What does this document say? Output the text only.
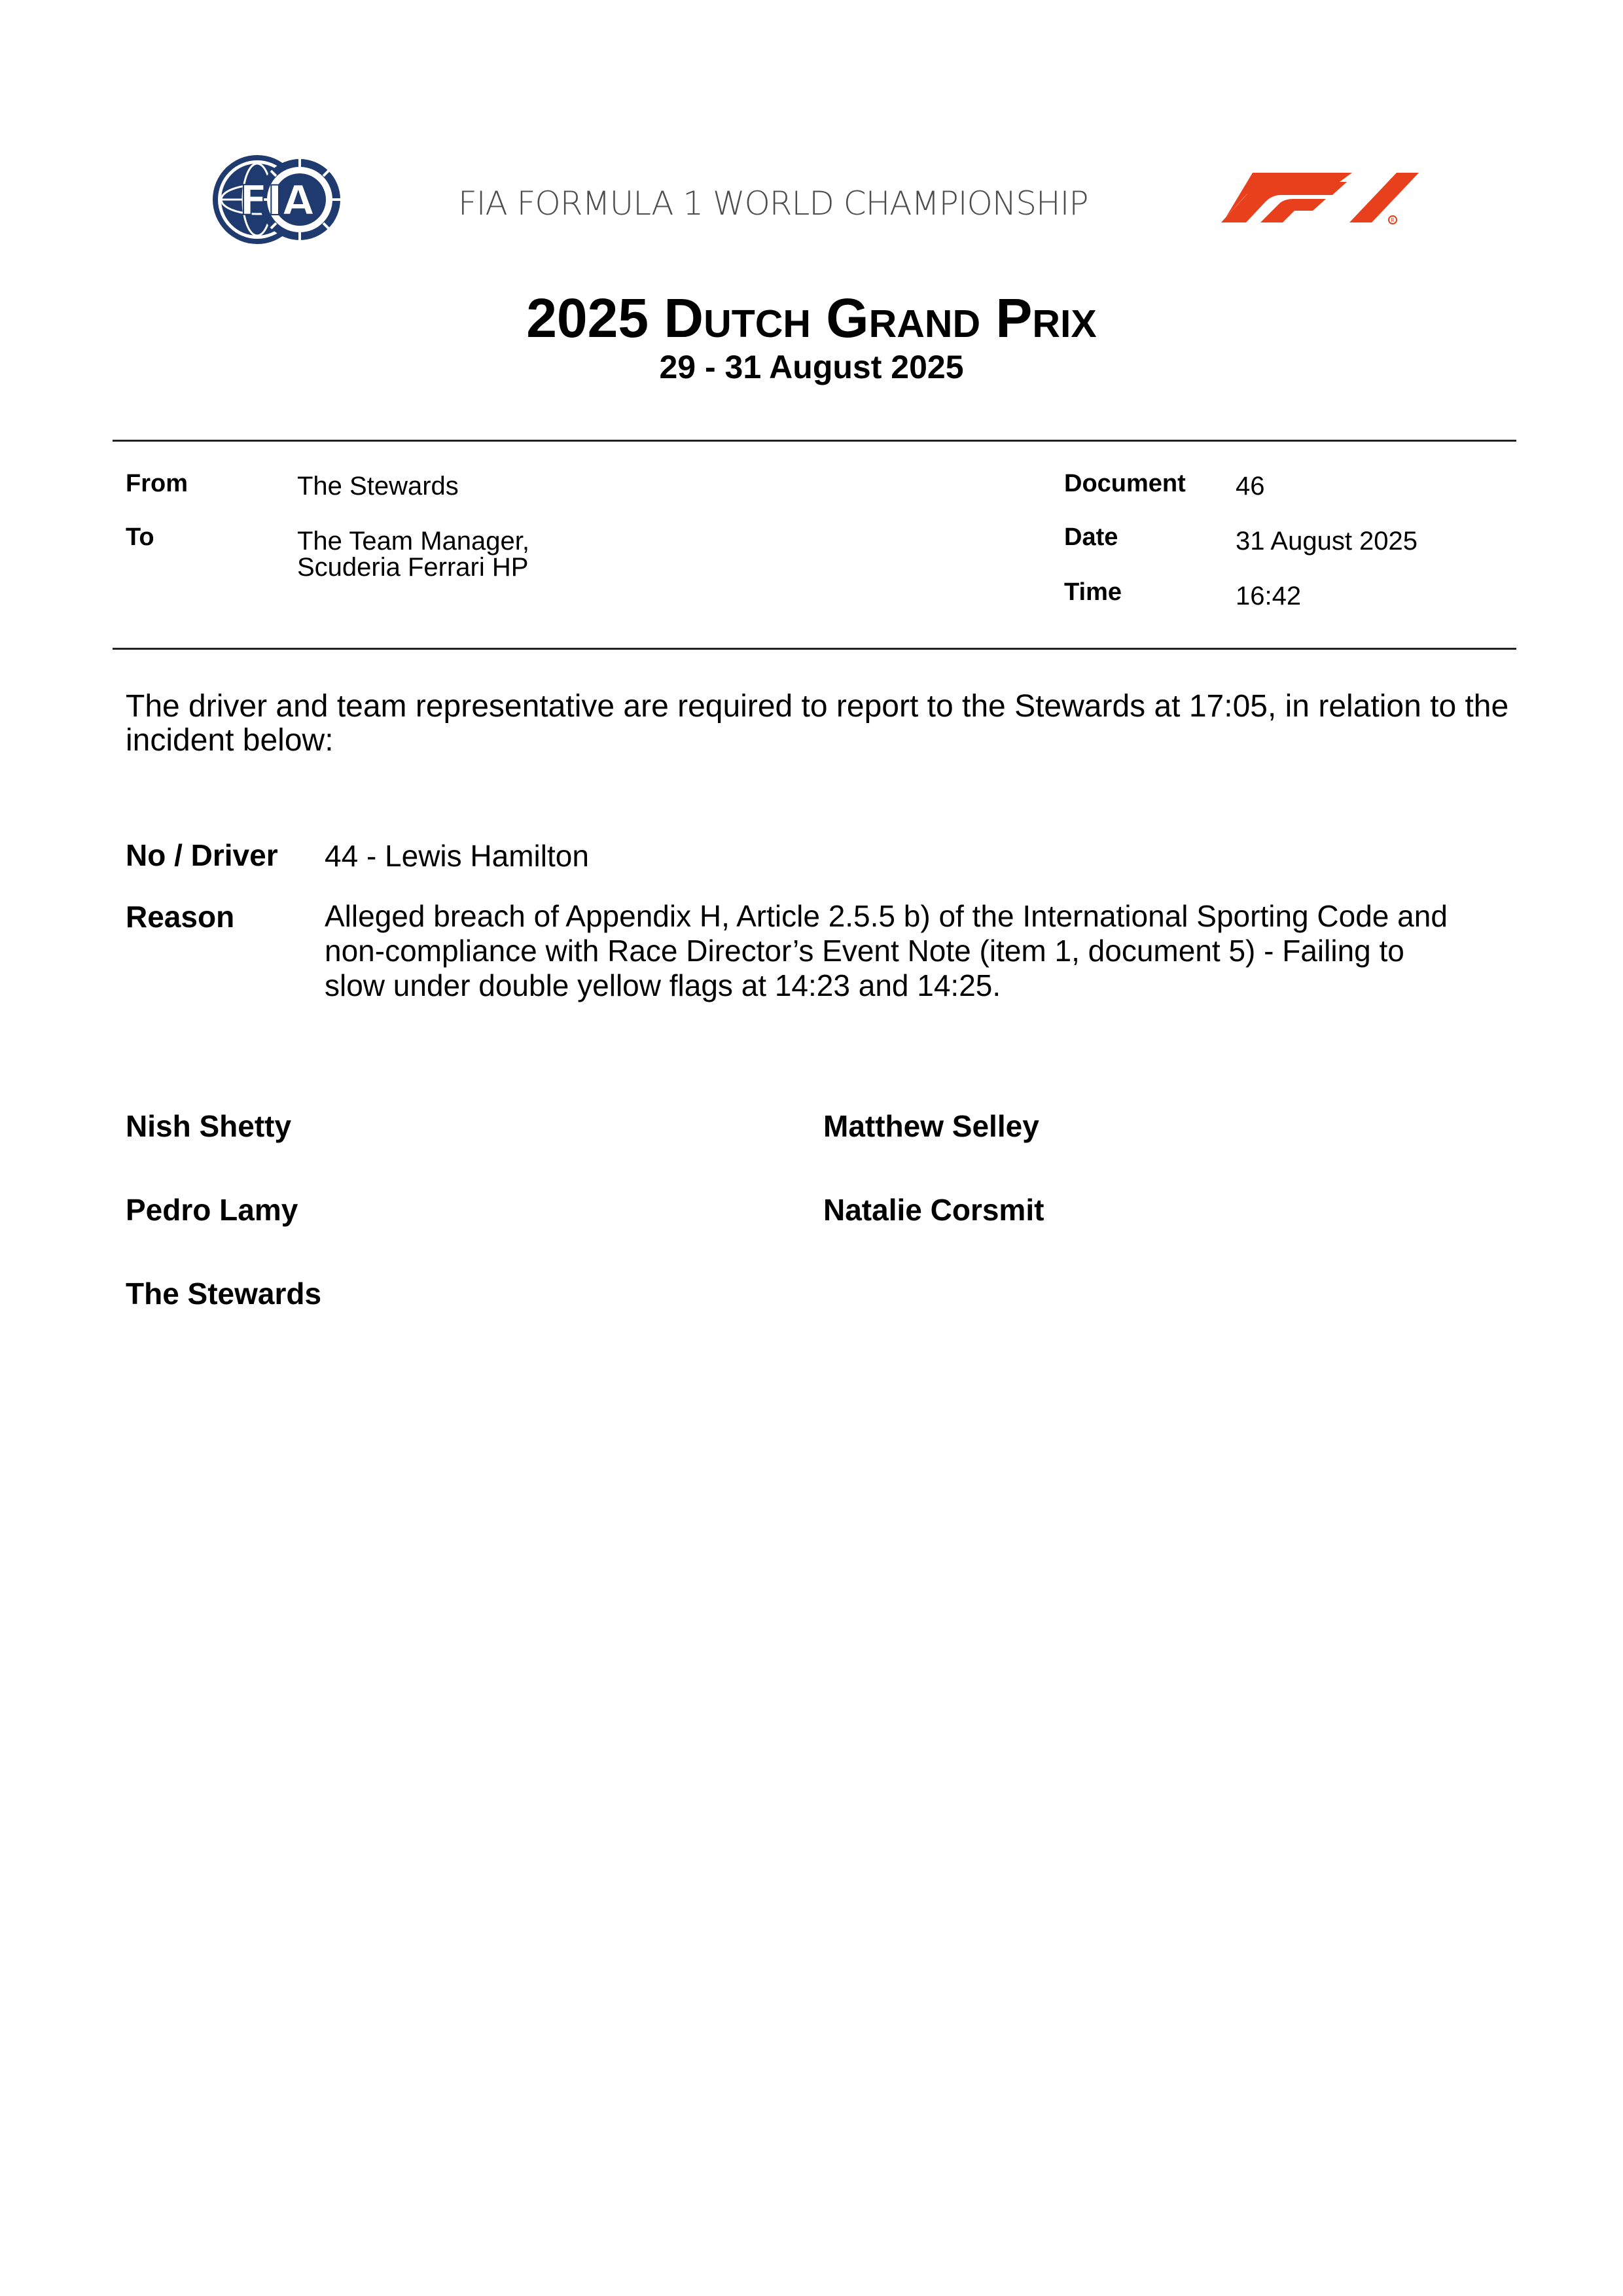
FIA	FIA FORMULA 1 WORLD CHAMPIONSHIP	R
2025 Dutch Grand Prix
29 - 31 August 2025
From	The Stewards
To	The Team Manager,
Scuderia Ferrari HP
Document 46
Date	31 August 2025
Time	16:42
The driver and team representative are required to report to the Stewards at 17:05, in relation to the incident below:
No / Driver 44 - Lewis Hamilton
Reason	Alleged breach of Appendix H, Article 2.5.5 b) of the International Sporting Code and
non-compliance with Race Director’s Event Note (item 1, document 5) - Failing to
slow under double yellow flags at 14:23 and 14:25.
Nish Shetty	Matthew Selley
Pedro Lamy	Natalie Corsmit
The Stewards
